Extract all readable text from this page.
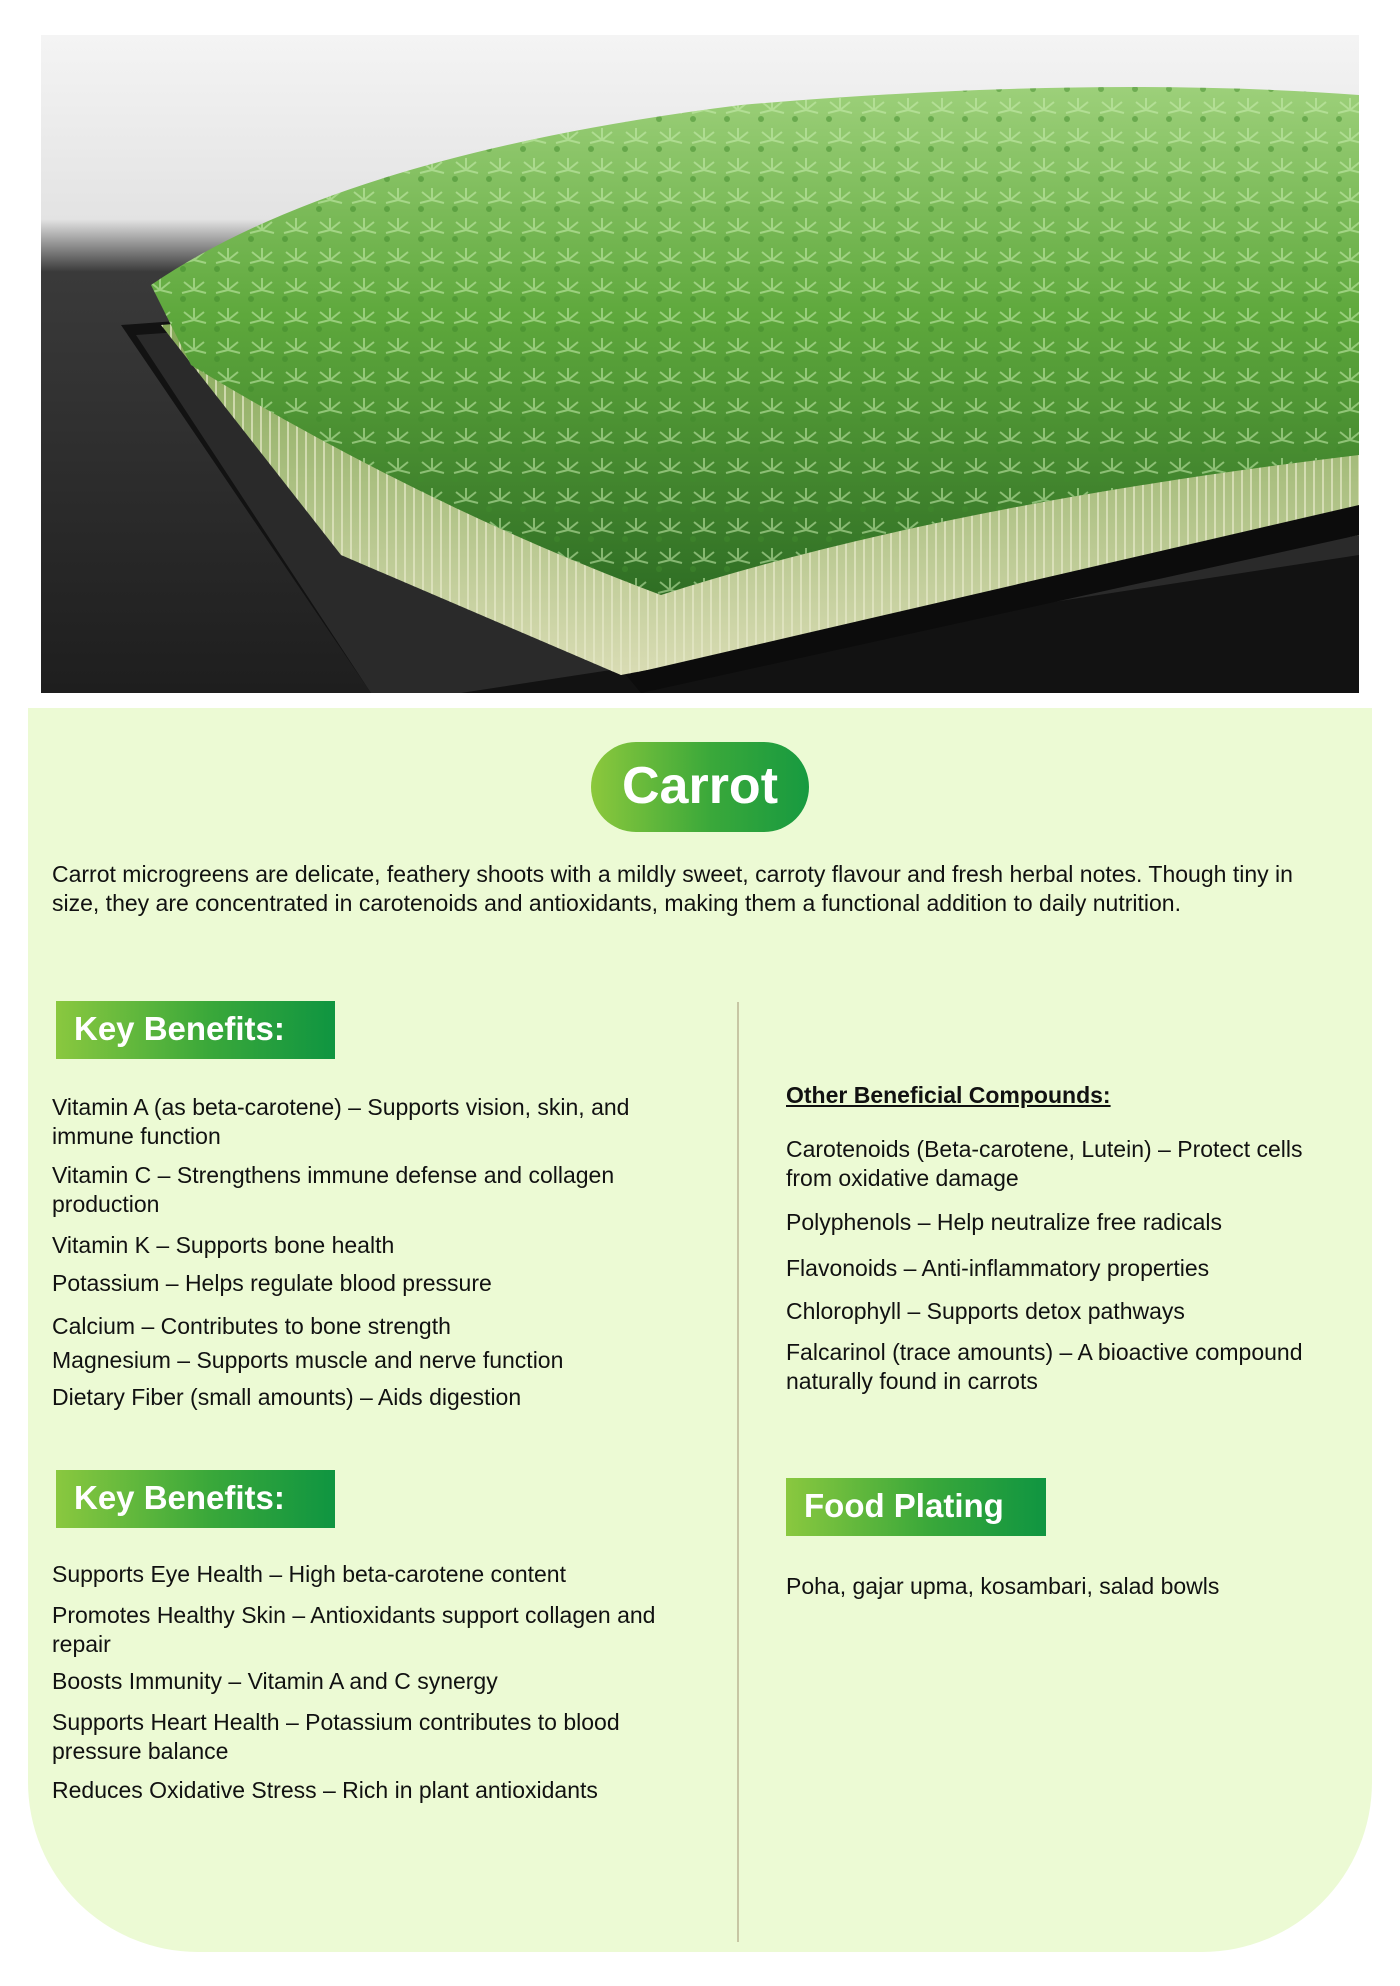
Carrot

Carrot microgreens are delicate, feathery shoots with a mildly sweet, carroty flavour and fresh herbal notes. Though tiny in size, they are concentrated in carotenoids and antioxidants, making them a functional addition to daily nutrition.

Key Benefits:
Vitamin A (as beta-carotene) – Supports vision, skin, and immune function
Vitamin C – Strengthens immune defense and collagen production
Vitamin K – Supports bone health
Potassium – Helps regulate blood pressure
Calcium – Contributes to bone strength
Magnesium – Supports muscle and nerve function
Dietary Fiber (small amounts) – Aids digestion
Key Benefits:
Supports Eye Health – High beta-carotene content
Promotes Healthy Skin – Antioxidants support collagen and repair
Boosts Immunity – Vitamin A and C synergy
Supports Heart Health – Potassium contributes to blood pressure balance
Reduces Oxidative Stress – Rich in plant antioxidants

Other Beneficial Compounds:

Carotenoids (Beta-carotene, Lutein) – Protect cells from oxidative damage
Polyphenols – Help neutralize free radicals
Flavonoids – Anti-inflammatory properties
Chlorophyll – Supports detox pathways
Falcarinol (trace amounts) – A bioactive compound naturally found in carrots
Food Plating

Poha, gajar upma, kosambari, salad bowls
